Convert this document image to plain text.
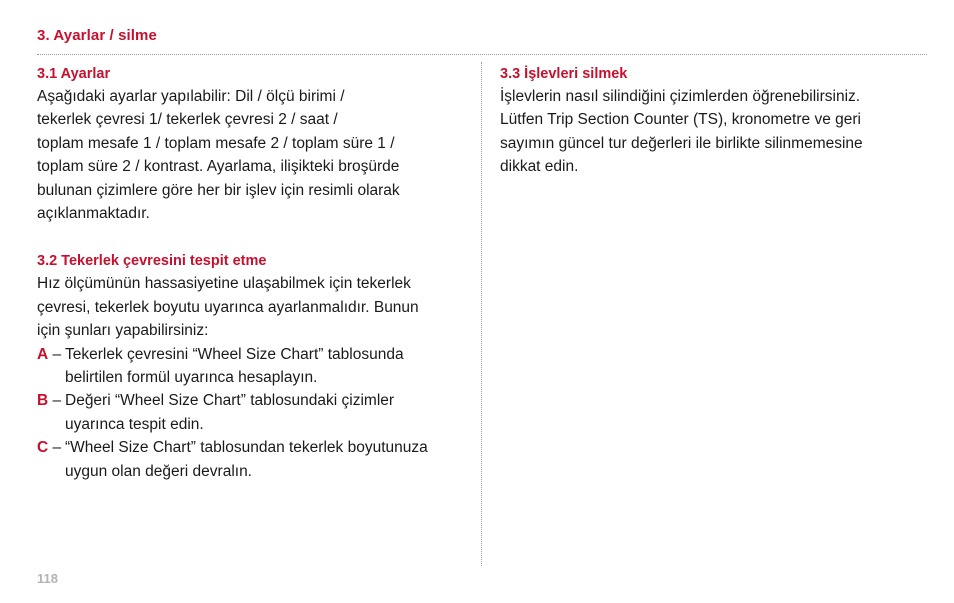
3. Ayarlar / silme
3.1 Ayarlar
Aşağıdaki ayarlar yapılabilir: Dil / ölçü birimi /
tekerlek çevresi 1/ tekerlek çevresi 2 / saat /
toplam mesafe 1 / toplam mesafe 2 / toplam süre 1 /
toplam süre 2 / kontrast. Ayarlama, ilişikteki broşürde
bulunan çizimlere göre her bir işlev için resimli olarak
açıklanmaktadır.
3.2 Tekerlek çevresini tespit etme
Hız ölçümünün hassasiyetine ulaşabilmek için tekerlek
çevresi, tekerlek boyutu uyarınca ayarlanmalıdır. Bunun
için şunları yapabilirsiniz:
A – Tekerlek çevresini “Wheel Size Chart” tablosunda
belirtilen formül uyarınca hesaplayın.
B – Değeri “Wheel Size Chart” tablosundaki çizimler
uyarınca tespit edin.
C – “Wheel Size Chart” tablosundan tekerlek boyutunuza
uygun olan değeri devralın.
3.3 İşlevleri silmek
İşlevlerin nasıl silindiğini çizimlerden öğrenebilirsiniz.
Lütfen Trip Section Counter (TS), kronometre ve geri
sayımın güncel tur değerleri ile birlikte silinmemesine
dikkat edin.
118
